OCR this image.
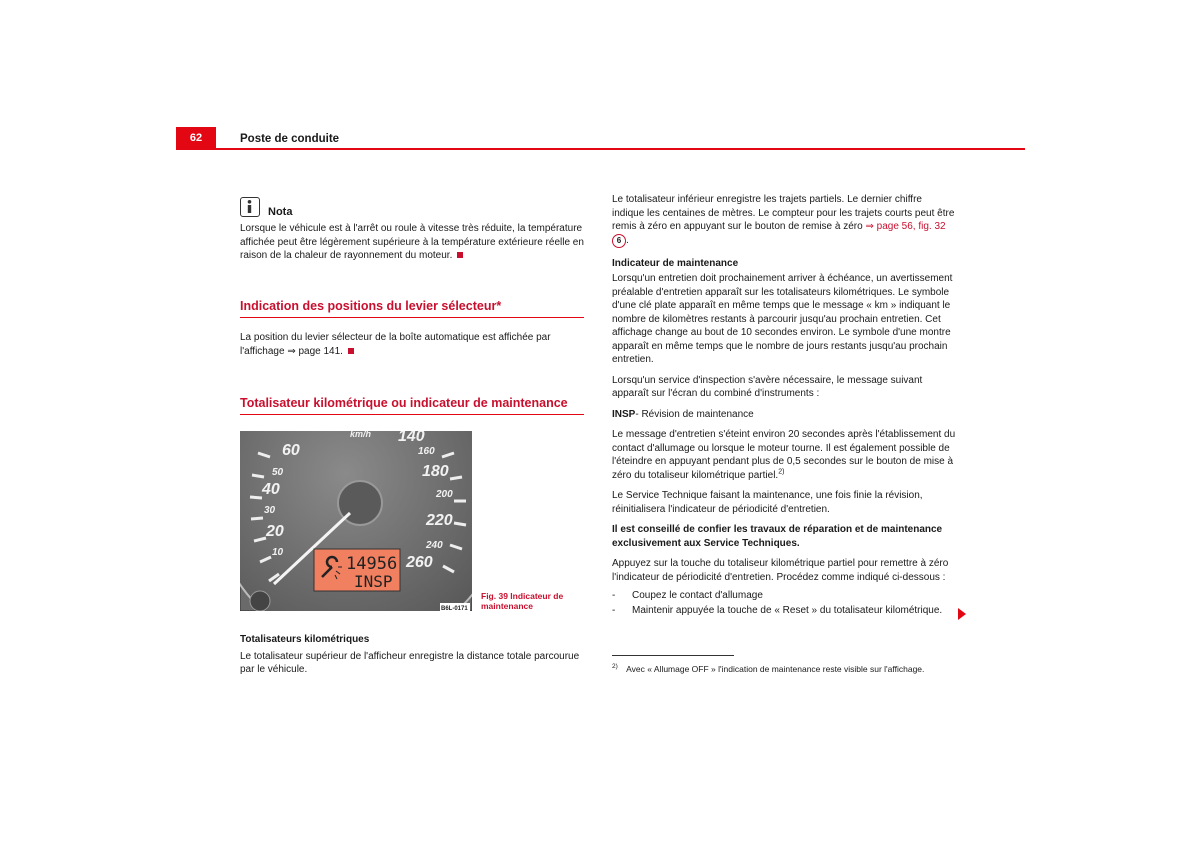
62	Poste de conduite
Nota

Lorsque le véhicule est à l'arrêt ou roule à vitesse très réduite, la température affichée peut être légèrement supérieure à la température extérieure réelle en raison de la chaleur de rayonnement du moteur.

Indication des positions du levier sélecteur*

La position du levier sélecteur de la boîte automatique est affichée par l'affichage ⇒ page 141.

Totalisateur kilométrique ou indicateur de maintenance
60
40
20
50
30
10
140
180
220
260
160
200
240
km/h
14956
INSP
B6L-0171
Fig. 39 Indicateur de
maintenance

Totalisateurs kilométriques

Le totalisateur supérieur de l'afficheur enregistre la distance totale parcourue par le véhicule.

Le totalisateur inférieur enregistre les trajets partiels. Le dernier chiffre indique les centaines de mètres. Le compteur pour les trajets courts peut être remis à zéro en appuyant sur le bouton de remise à zéro ⇒ page 56, fig. 32
6 .

Indicateur de maintenance

Lorsqu'un entretien doit prochainement arriver à échéance, un avertissement préalable d'entretien apparaît sur les totalisateurs kilométriques. Le symbole d'une clé plate apparaît en même temps que le message « km » indiquant le nombre de kilomètres restants à parcourir jusqu'au prochain entretien. Cet affichage change au bout de 10 secondes environ. Le symbole d'une montre apparaît en même temps que le nombre de jours restants jusqu'au prochain entretien.

Lorsqu'un service d'inspection s'avère nécessaire, le message suivant apparaît sur l'écran du combiné d'instruments :

INSP- Révision de maintenance

Le message d'entretien s'éteint environ 20 secondes après l'établissement du contact d'allumage ou lorsque le moteur tourne. Il est également possible de l'éteindre en appuyant pendant plus de 0,5 secondes sur le bouton de mise à zéro du totaliseur kilométrique partiel.$^{2)}$

Le Service Technique faisant la maintenance, une fois finie la révision, réinitialisera l'indicateur de périodicité d'entretien.

Il est conseillé de confier les travaux de réparation et de maintenance exclusivement aux Service Techniques.

Appuyez sur la touche du totaliseur kilométrique partiel pour remettre à zéro l'indicateur de périodicité d'entretien. Procédez comme indiqué ci-dessous :

-	Coupez le contact d'allumage
-	Maintenir appuyée la touche de « Reset » du totalisateur kilométrique.
$^{2)}$ Avec « Allumage OFF » l'indication de maintenance reste visible sur l'affichage.
